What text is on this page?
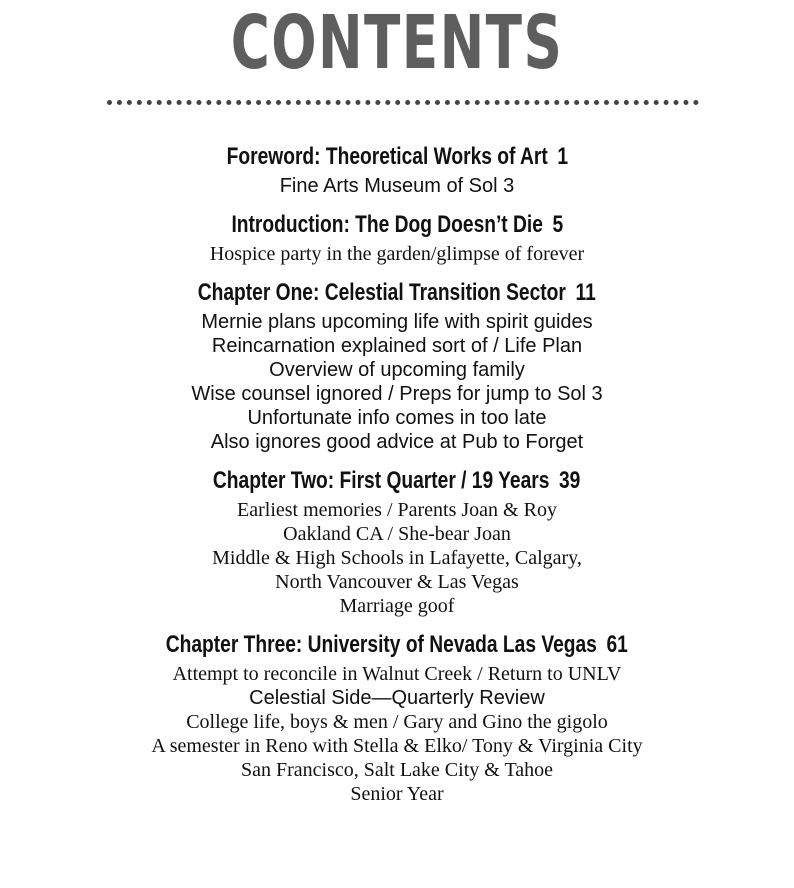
CONTENTS
Foreword: Theoretical Works of Art 1
Fine Arts Museum of Sol 3
Introduction: The Dog Doesn’t Die 5
Hospice party in the garden/glimpse of forever
Chapter One: Celestial Transition Sector 11
Mernie plans upcoming life with spirit guides
Reincarnation explained sort of / Life Plan
Overview of upcoming family
Wise counsel ignored / Preps for jump to Sol 3
Unfortunate info comes in too late
Also ignores good advice at Pub to Forget
Chapter Two: First Quarter / 19 Years 39
Earliest memories / Parents Joan & Roy
Oakland CA / She-bear Joan
Middle & High Schools in Lafayette, Calgary,
North Vancouver & Las Vegas
Marriage goof
Chapter Three: University of Nevada Las Vegas 61
Attempt to reconcile in Walnut Creek / Return to UNLV
Celestial Side—Quarterly Review
College life, boys & men / Gary and Gino the gigolo
A semester in Reno with Stella & Elko/ Tony & Virginia City
San Francisco, Salt Lake City & Tahoe
Senior Year
